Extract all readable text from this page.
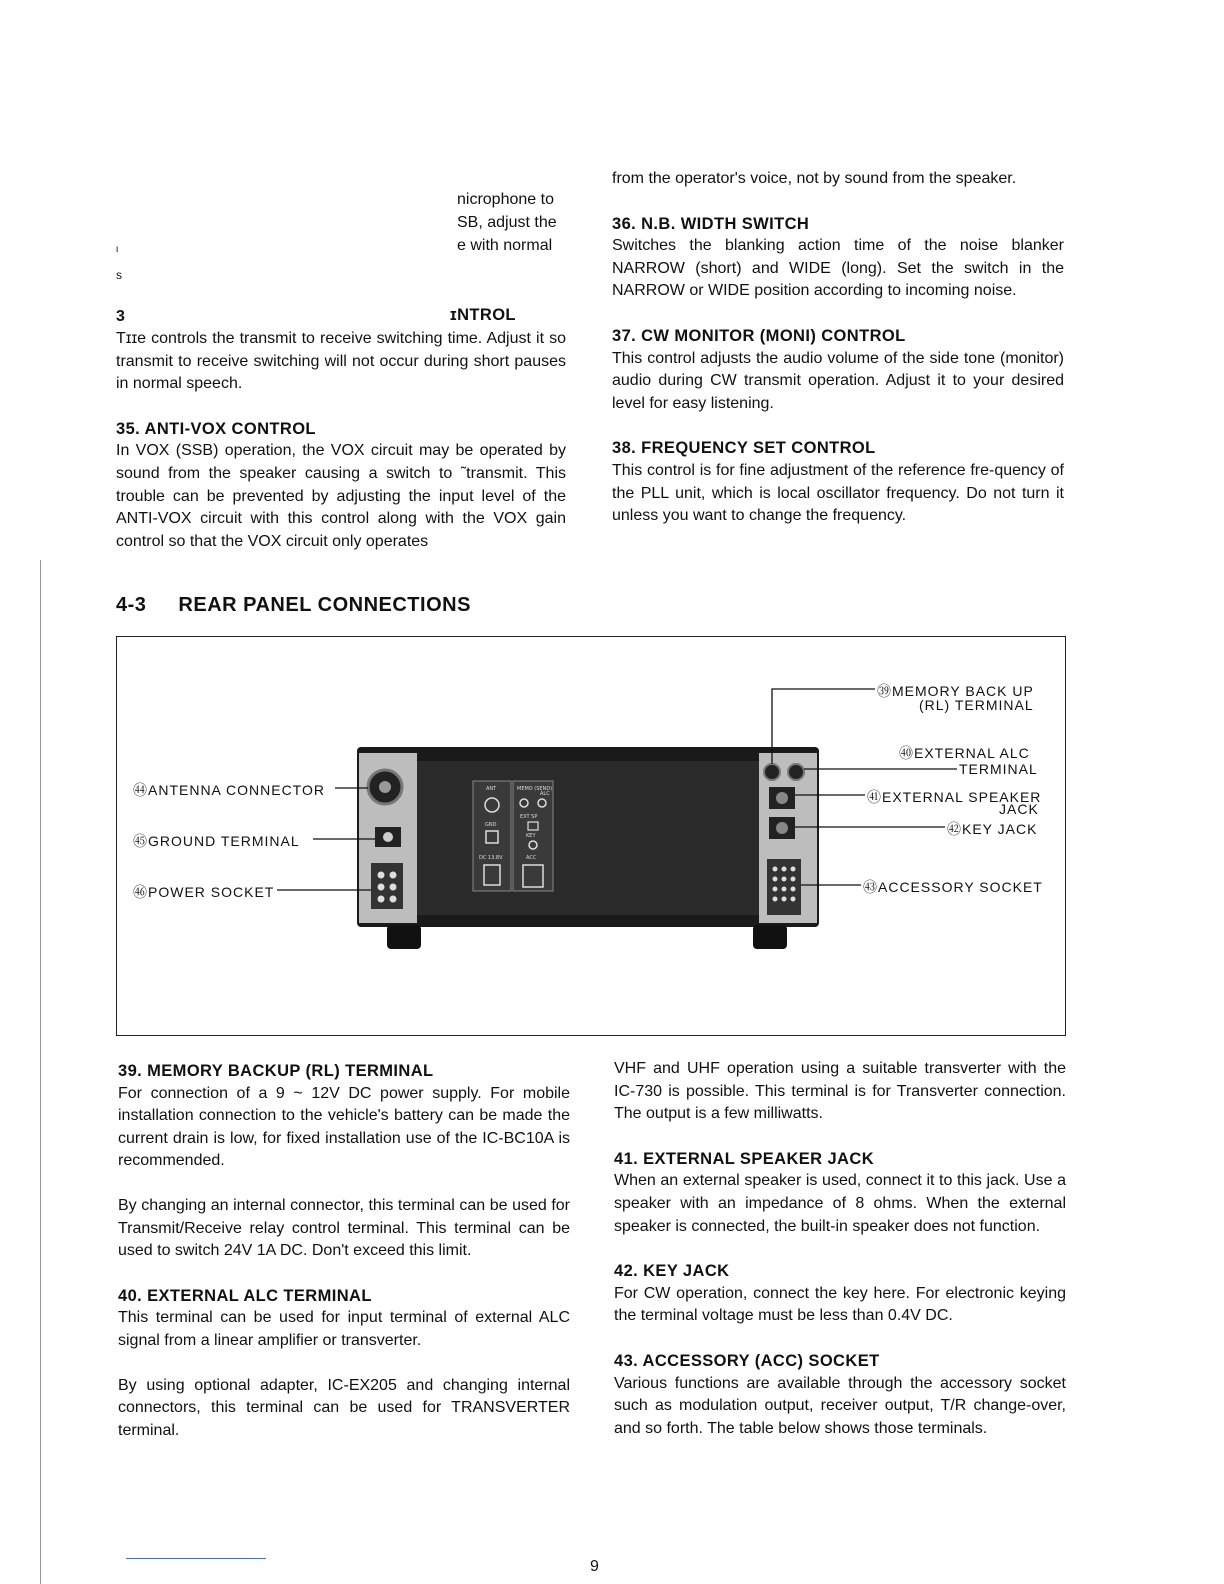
nicrophone to
SB, adjust the
e with normal
ι
s
3	ɪNTROL

Tɪɪe controls the transmit to receive switching time. Adjust it so transmit to receive switching will not occur during short pauses in normal speech.

35. ANTI-VOX CONTROL

In VOX (SSB) operation, the VOX circuit may be operated by sound from the speaker causing a switch to ˜transmit. This trouble can be prevented by adjusting the input level of the ANTI-VOX circuit with this control along with the VOX gain control so that the VOX circuit only operates

from the operator's voice, not by sound from the speaker.

36. N.B. WIDTH SWITCH

Switches the blanking action time of the noise blanker NARROW (short) and WIDE (long). Set the switch in the NARROW or WIDE position according to incoming noise.

37. CW MONITOR (MONI) CONTROL

This control adjusts the audio volume of the side tone (monitor) audio during CW transmit operation. Adjust it to your desired level for easy listening.

38. FREQUENCY SET CONTROL

This control is for fine adjustment of the reference fre-quency of the PLL unit, which is local oscillator frequency. Do not turn it unless you want to change the frequency.

4-3 REAR PANEL CONNECTIONS
ANT
GND
DC 13.8V
MEMO (SEND)
ALC
EXT SP
KEY
ACC
㊴MEMORY BACK UP
(RL) TERMINAL
㊵EXTERNAL ALC
TERMINAL
㊶EXTERNAL SPEAKER
JACK
㊷KEY JACK
㊸ACCESSORY SOCKET
㊹ANTENNA CONNECTOR
㊺GROUND TERMINAL
㊻POWER SOCKET
39. MEMORY BACKUP (RL) TERMINAL

For connection of a 9 ~ 12V DC power supply. For mobile installation connection to the vehicle's battery can be made the current drain is low, for fixed installation use of the IC-BC10A is recommended.

By changing an internal connector, this terminal can be used for Transmit/Receive relay control terminal. This terminal can be used to switch 24V 1A DC. Don't exceed this limit.

40. EXTERNAL ALC TERMINAL

This terminal can be used for input terminal of external ALC signal from a linear amplifier or transverter.

By using optional adapter, IC-EX205 and changing internal connectors, this terminal can be used for TRANSVERTER terminal.

VHF and UHF operation using a suitable transverter with the IC-730 is possible. This terminal is for Transverter connection. The output is a few milliwatts.

41. EXTERNAL SPEAKER JACK

When an external speaker is used, connect it to this jack. Use a speaker with an impedance of 8 ohms. When the external speaker is connected, the built-in speaker does not function.

42. KEY JACK

For CW operation, connect the key here. For electronic keying the terminal voltage must be less than 0.4V DC.

43. ACCESSORY (ACC) SOCKET

Various functions are available through the accessory socket such as modulation output, receiver output, T/R change-over, and so forth. The table below shows those terminals.

9
